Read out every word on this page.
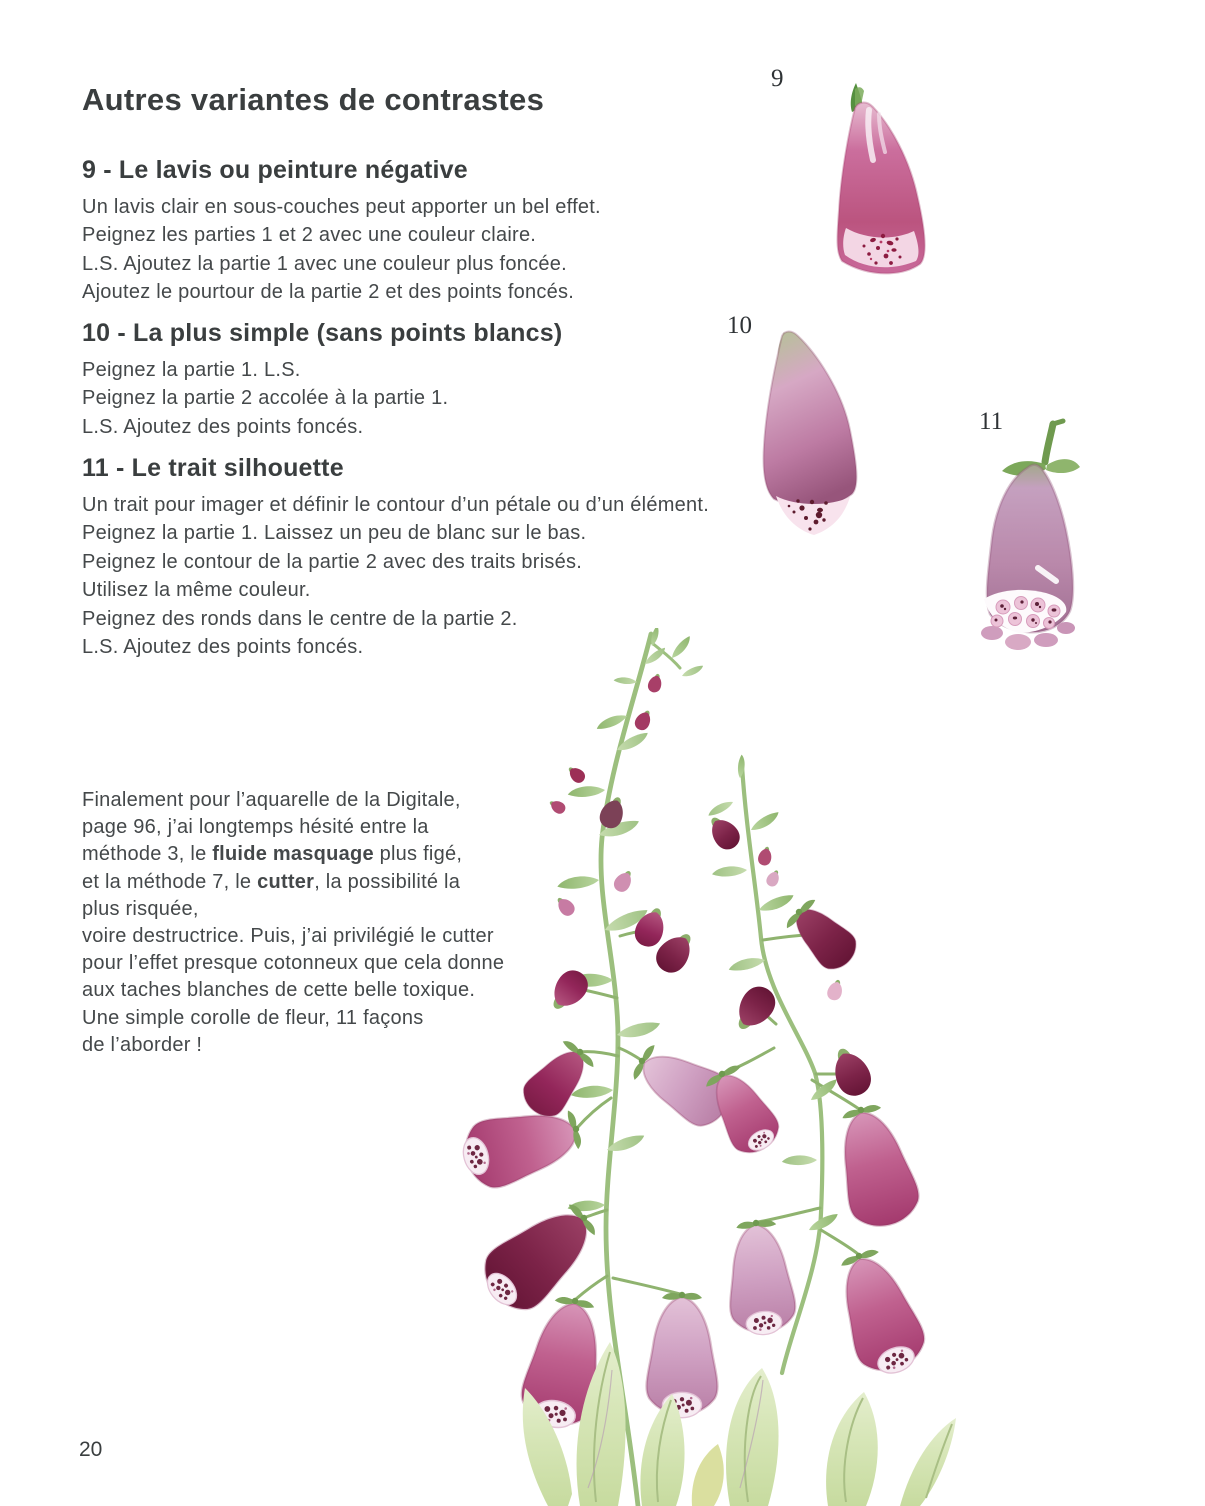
Autres variantes de contrastes
9 - Le lavis ou peinture négative
Un lavis clair en sous-couches peut apporter un bel effet.
Peignez les parties 1 et 2 avec une couleur claire.
L.S. Ajoutez la partie 1 avec une couleur plus foncée.
Ajoutez le pourtour de la partie 2 et des points foncés.
10 - La plus simple (sans points blancs)
Peignez la partie 1. L.S.
Peignez la partie 2 accolée à la partie 1.
L.S. Ajoutez des points foncés.
11 - Le trait silhouette
Un trait pour imager et définir le contour d’un pétale ou d’un élément.
Peignez la partie 1. Laissez un peu de blanc sur le bas.
Peignez le contour de la partie 2 avec des traits brisés.
Utilisez la même couleur.
Peignez des ronds dans le centre de la partie 2.
L.S. Ajoutez des points foncés.
Finalement pour l’aquarelle de la Digitale,
page 96, j’ai longtemps hésité entre la
méthode 3, le fluide masquage plus figé,
et la méthode 7, le cutter, la possibilité la
plus risquée,
voire destructrice. Puis, j’ai privilégié le cutter
pour l’effet presque cotonneux que cela donne
aux taches blanches de cette belle toxique.
Une simple corolle de fleur, 11 façons
de l’aborder !
20
9
10
11
